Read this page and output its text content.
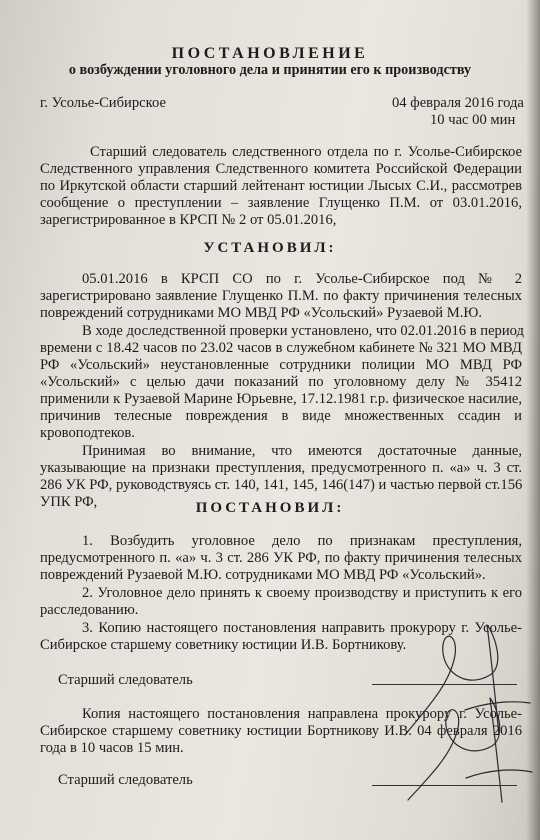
ПОСТАНОВЛЕНИЕ
о возбуждении уголовного дела и принятии его к производству
г. Усолье-Сибирское	04 февраля 2016 года
10 час 00 мин
Старший следователь следственного отдела по г. Усолье-Сибирское
Следственного управления Следственного комитета Российской Федерации
по Иркутской области старший лейтенант юстиции Лысых С.И., рассмотрев
сообщение о преступлении – заявление Глущенко П.М. от 03.01.2016,
зарегистрированное в КРСП № 2 от 05.01.2016,
УСТАНОВИЛ:
05.01.2016 в КРСП СО по г. Усолье-Сибирское под № 2
зарегистрировано заявление Глущенко П.М. по факту причинения телесных
повреждений сотрудниками МО МВД РФ «Усольский» Рузаевой М.Ю.
В ходе доследственной проверки установлено, что 02.01.2016 в период
времени с 18.42 часов по 23.02 часов в служебном кабинете № 321 МО МВД
РФ «Усольский» неустановленные сотрудники полиции МО МВД РФ
«Усольский» с целью дачи показаний по уголовному делу № 35412
применили к Рузаевой Марине Юрьевне, 17.12.1981 г.р. физическое насилие,
причинив телесные повреждения в виде множественных ссадин и
кровоподтеков.
Принимая во внимание, что имеются достаточные данные,
указывающие на признаки преступления, предусмотренного п. «а» ч. 3 ст.
286 УК РФ, руководствуясь ст. 140, 141, 145, 146(147) и частью первой ст.156
УПК РФ,	ПОСТАНОВИЛ:
1. Возбудить уголовное дело по признакам преступления,
предусмотренного п. «а» ч. 3 ст. 286 УК РФ, по факту причинения телесных
повреждений Рузаевой М.Ю. сотрудниками МО МВД РФ «Усольский».
2. Уголовное дело принять к своему производству и приступить к его
расследованию.
3. Копию настоящего постановления направить прокурору г. Усолье-
Сибирское старшему советнику юстиции И.В. Бортникову.
Старший следователь
Копия настоящего постановления направлена прокурору г. Усолье-
Сибирское старшему советнику юстиции Бортникову И.В. 04 февраля 2016
года в 10 часов 15 мин.
Старший следователь
